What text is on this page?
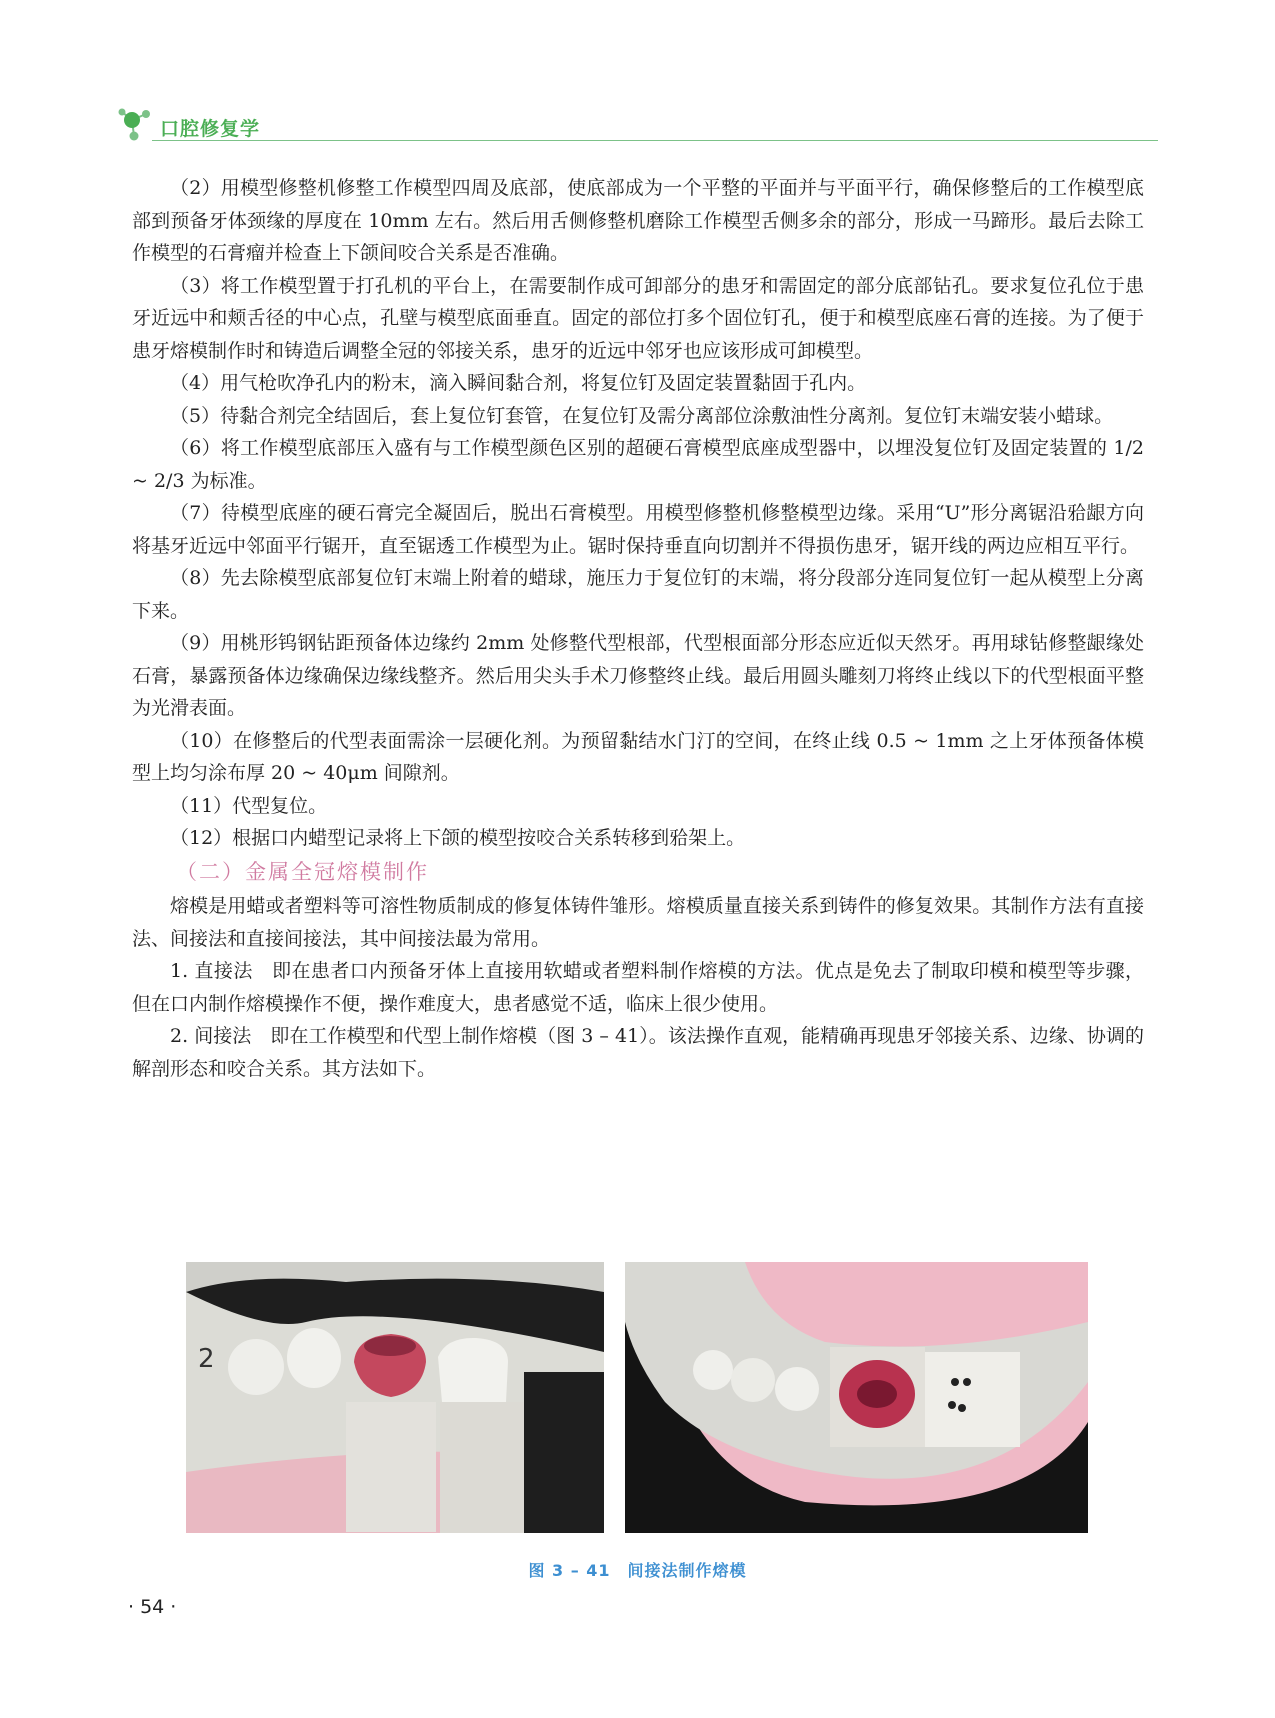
口腔修复学

（2）用模型修整机修整工作模型四周及底部，使底部成为一个平整的平面并与平面平行，确保修整后的工作模型底部到预备牙体颈缘的厚度在 10mm 左右。然后用舌侧修整机磨除工作模型舌侧多余的部分，形成一马蹄形。最后去除工作模型的石膏瘤并检查上下颌间咬合关系是否准确。

（3）将工作模型置于打孔机的平台上，在需要制作成可卸部分的患牙和需固定的部分底部钻孔。要求复位孔位于患牙近远中和颊舌径的中心点，孔壁与模型底面垂直。固定的部位打多个固位钉孔，便于和模型底座石膏的连接。为了便于患牙熔模制作时和铸造后调整全冠的邻接关系，患牙的近远中邻牙也应该形成可卸模型。

（4）用气枪吹净孔内的粉末，滴入瞬间黏合剂，将复位钉及固定装置黏固于孔内。

（5）待黏合剂完全结固后，套上复位钉套管，在复位钉及需分离部位涂敷油性分离剂。复位钉末端安装小蜡球。

（6）将工作模型底部压入盛有与工作模型颜色区别的超硬石膏模型底座成型器中，以埋没复位钉及固定装置的 1/2 ~ 2/3 为标准。

（7）待模型底座的硬石膏完全凝固后，脱出石膏模型。用模型修整机修整模型边缘。采用“U”形分离锯沿𬌗龈方向将基牙近远中邻面平行锯开，直至锯透工作模型为止。锯时保持垂直向切割并不得损伤患牙，锯开线的两边应相互平行。

（8）先去除模型底部复位钉末端上附着的蜡球，施压力于复位钉的末端，将分段部分连同复位钉一起从模型上分离下来。

（9）用桃形钨钢钻距预备体边缘约 2mm 处修整代型根部，代型根面部分形态应近似天然牙。再用球钻修整龈缘处石膏，暴露预备体边缘确保边缘线整齐。然后用尖头手术刀修整终止线。最后用圆头雕刻刀将终止线以下的代型根面平整为光滑表面。

（10）在修整后的代型表面需涂一层硬化剂。为预留黏结水门汀的空间，在终止线 0.5 ~ 1mm 之上牙体预备体模型上均匀涂布厚 20 ~ 40μm 间隙剂。

（11）代型复位。

（12）根据口内蜡型记录将上下颌的模型按咬合关系转移到𬌗架上。

（二）金属全冠熔模制作

熔模是用蜡或者塑料等可溶性物质制成的修复体铸件雏形。熔模质量直接关系到铸件的修复效果。其制作方法有直接法、间接法和直接间接法，其中间接法最为常用。

1. 直接法　即在患者口内预备牙体上直接用软蜡或者塑料制作熔模的方法。优点是免去了制取印模和模型等步骤，但在口内制作熔模操作不便，操作难度大，患者感觉不适，临床上很少使用。

2. 间接法　即在工作模型和代型上制作熔模（图 3 – 41）。该法操作直观，能精确再现患牙邻接关系、边缘、协调的解剖形态和咬合关系。其方法如下。

2
图 3 – 41　间接法制作熔模
· 54 ·
